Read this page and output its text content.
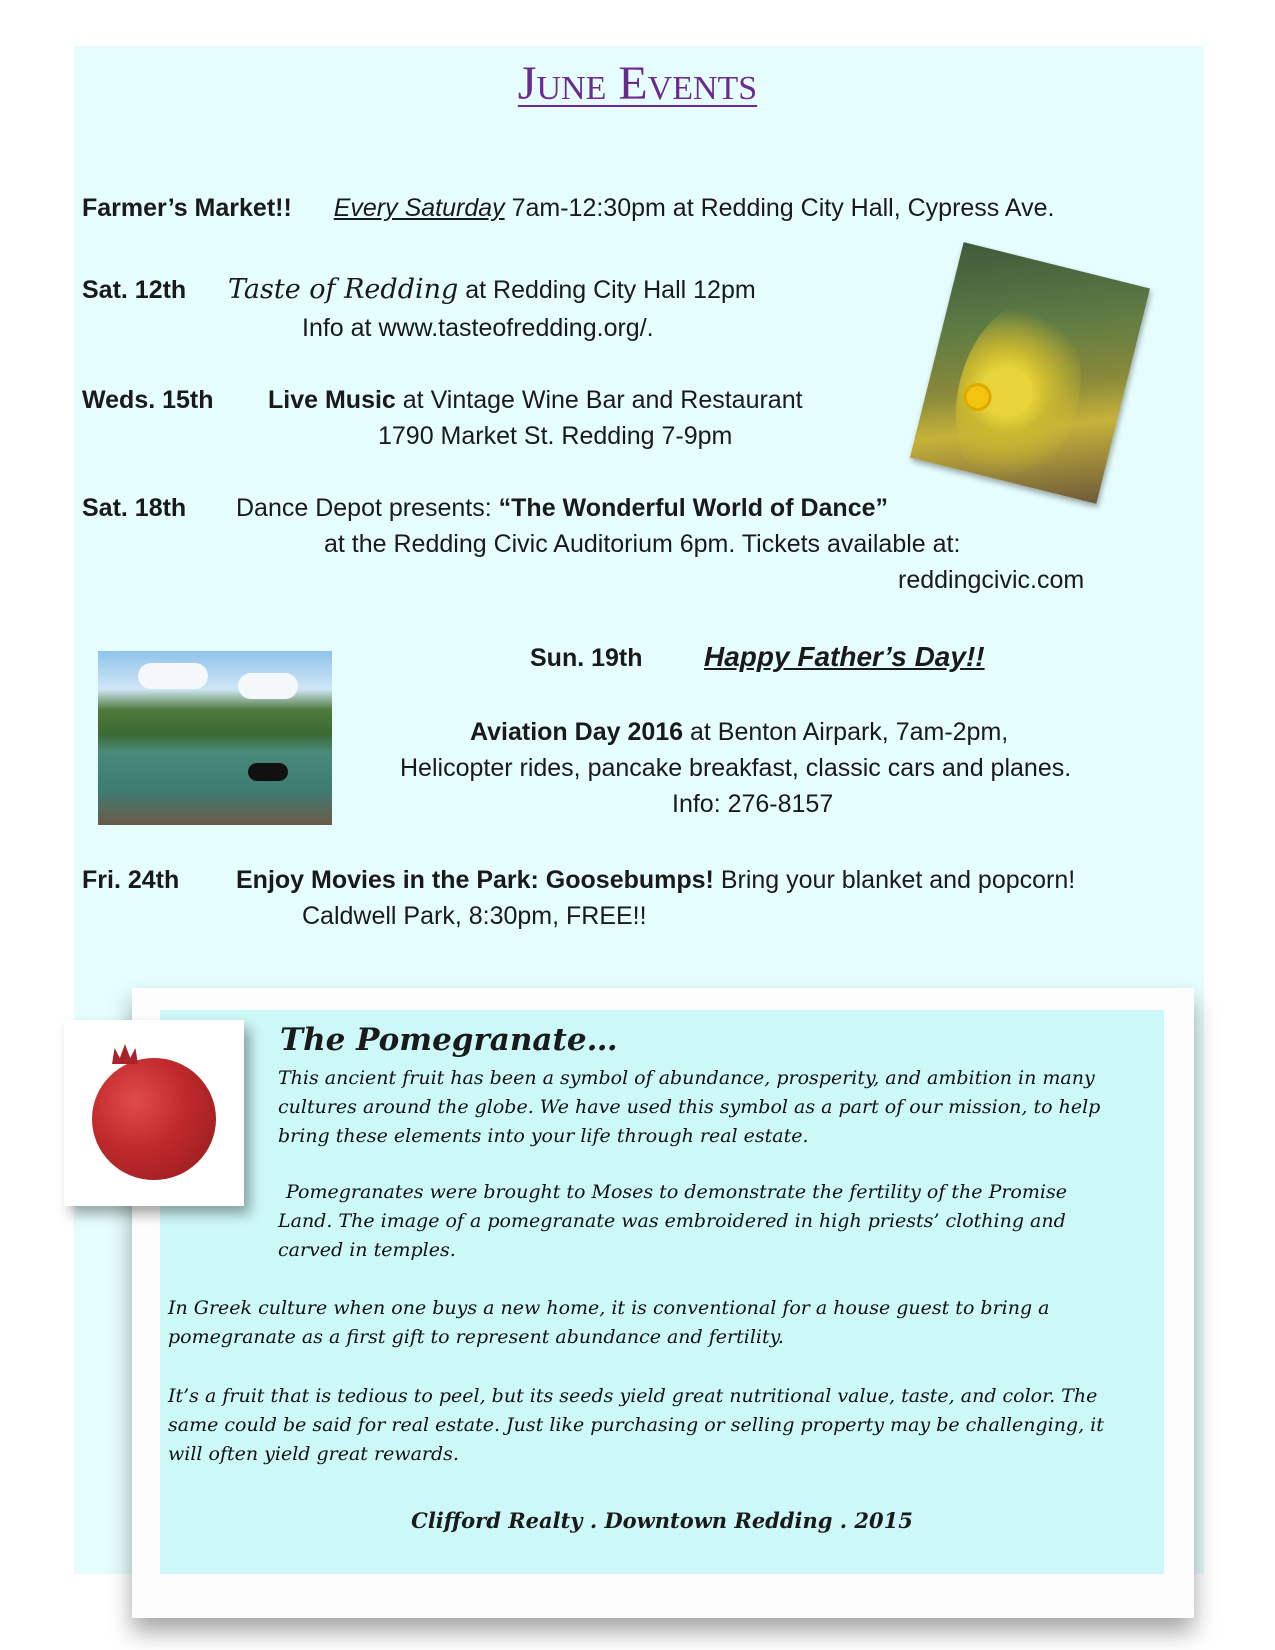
June Events
Farmer’s Market!! Every Saturday 7am-12:30pm at Redding City Hall, Cypress Ave.
Sat. 12th Taste of Redding at Redding City Hall 12pm
Info at www.tasteofredding.org/.
Weds. 15th Live Music at Vintage Wine Bar and Restaurant
1790 Market St. Redding 7-9pm
Sat. 18th Dance Depot presents: “The Wonderful World of Dance”
at the Redding Civic Auditorium 6pm. Tickets available at:
reddingcivic.com
Sun. 19th Happy Father’s Day!!
Aviation Day 2016 at Benton Airpark, 7am-2pm,
Helicopter rides, pancake breakfast, classic cars and planes.
Info: 276-8157
Fri. 24th Enjoy Movies in the Park: Goosebumps! Bring your blanket and popcorn!
Caldwell Park, 8:30pm, FREE!!
The Pomegranate…

This ancient fruit has been a symbol of abundance, prosperity, and ambition in many cultures around the globe. We have used this symbol as a part of our mission, to help bring these elements into your life through real estate.

Pomegranates were brought to Moses to demonstrate the fertility of the Promise Land. The image of a pomegranate was embroidered in high priests’ clothing and carved in temples.

In Greek culture when one buys a new home, it is conventional for a house guest to bring a pomegranate as a first gift to represent abundance and fertility.

It’s a fruit that is tedious to peel, but its seeds yield great nutritional value, taste, and color. The same could be said for real estate. Just like purchasing or selling property may be challenging, it will often yield great rewards.

Clifford Realty . Downtown Redding . 2015
